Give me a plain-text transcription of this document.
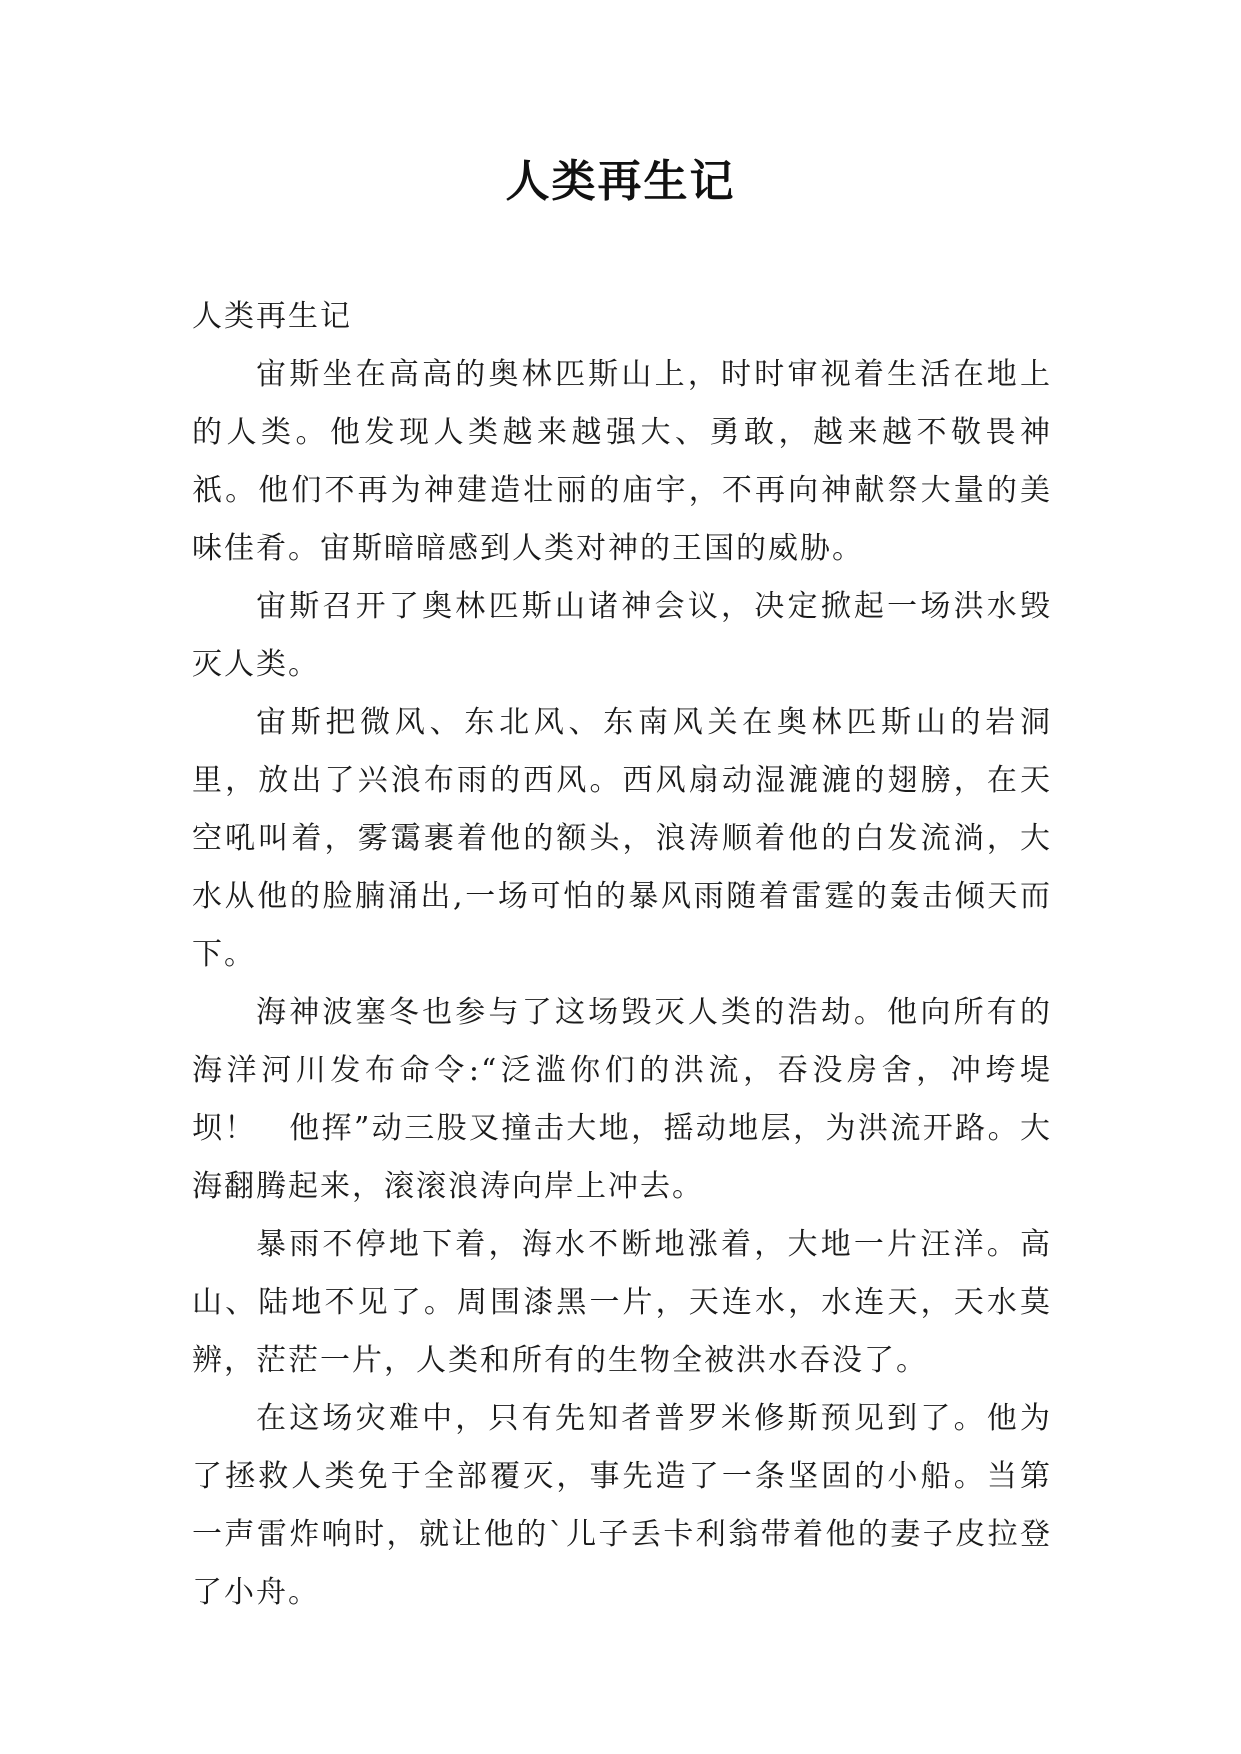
人类再生记

人类再生记

宙斯坐在高高的奥林匹斯山上，时时审视着生活在地上的人类。他发现人类越来越强大、勇敢，越来越不敬畏神祇。他们不再为神建造壮丽的庙宇，不再向神献祭大量的美味佳肴。宙斯暗暗感到人类对神的王国的威胁。

宙斯召开了奥林匹斯山诸神会议，决定掀起一场洪水毁灭人类。

宙斯把微风、东北风、东南风关在奥林匹斯山的岩洞里，放出了兴浪布雨的西风。西风扇动湿漉漉的翅膀，在天空吼叫着，雾霭裹着他的额头，浪涛顺着他的白发流淌，大水从他的脸腩涌出,一场可怕的暴风雨随着雷霆的轰击倾天而下。

海神波塞冬也参与了这场毁灭人类的浩劫。他向所有的海洋河川发布命令:“泛滥你们的洪流，吞没房舍，冲垮堤坝！　他挥”动三股叉撞击大地，摇动地层，为洪流开路。大海翻腾起来，滚滚浪涛向岸上冲去。

暴雨不停地下着，海水不断地涨着，大地一片汪洋。高山、陆地不见了。周围漆黑一片，天连水，水连天，天水莫辨，茫茫一片，人类和所有的生物全被洪水吞没了。

在这场灾难中，只有先知者普罗米修斯预见到了。他为了拯救人类免于全部覆灭，事先造了一条坚固的小船。当第一声雷炸响时，就让他的`儿子丢卡利翁带着他的妻子皮拉登了小舟。
